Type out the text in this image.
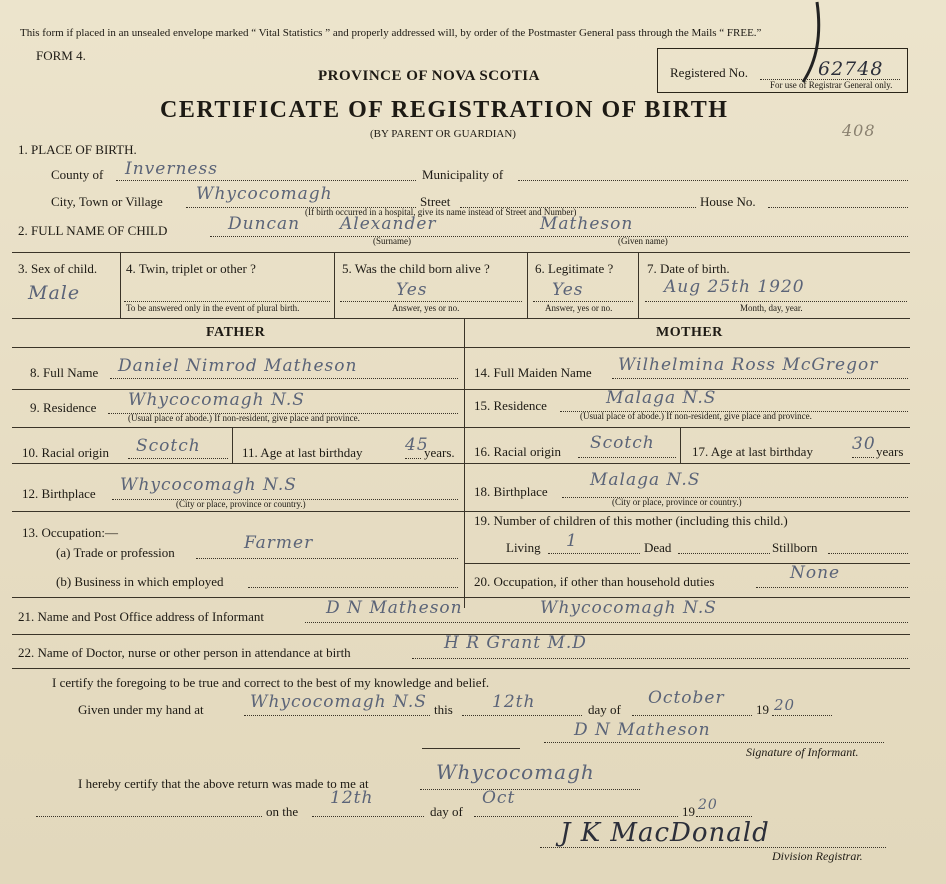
This form if placed in an unsealed envelope marked “ Vital Statistics ” and properly addressed will, by order of the Postmaster General pass through the Mails “ FREE.”
FORM 4.
PROVINCE OF NOVA SCOTIA
CERTIFICATE OF REGISTRATION OF BIRTH
(BY PARENT OR GUARDIAN)
Registered No.	62748
For use of Registrar General only.
408
1. PLACE OF BIRTH.
County of Inverness	Municipality of
City, Town or Village Whycocomagh	Street	House No.
(If birth occurred in a hospital, give its name instead of Street and Number)
2. FULL NAME OF CHILD	Duncan Alexander	Matheson
(Surname)	(Given name)
3. Sex of child.
Male
4. Twin, triplet or other ?
To be answered only in the event of plural birth.
5. Was the child born alive ?
Yes
Answer, yes or no.
6. Legitimate ?
Yes
Answer, yes or no.
7. Date of birth.
Aug 25th 1920
Month, day, year.
FATHER	MOTHER
8. Full Name Daniel Nimrod Matheson
9. Residence Whycocomagh N.S
(Usual place of abode.) If non-resident, give place and province.
10. Racial origin Scotch	11. Age at last birthday	45
years.
12. Birthplace Whycocomagh N.S
(City or place, province or country.)
13. Occupation:—
(a) Trade or profession	Farmer
(b) Business in which employed
14. Full Maiden Name Wilhelmina Ross McGregor
15. Residence	Malaga N.S
(Usual place of abode.) If non-resident, give place and province.
16. Racial origin Scotch	17. Age at last birthday 30 years
18. Birthplace
Malaga N.S
(City or place, province or country.)
19. Number of children of this mother (including this child.)
Living 1	Dead	Stillborn
20. Occupation, if other than household duties	None
21. Name and Post Office address of Informant	D N Matheson	Whycocomagh N.S
22. Name of Doctor, nurse or other person in attendance at birth	H R Grant M.D
I certify the foregoing to be true and correct to the best of my knowledge and belief.
Given under my hand at	Whycocomagh N.S this 12th	day of
October
19 20
D N Matheson
Signature of Informant.
I hereby certify that the above return was made to me at	Whycocomagh
on the
12th
day of
Oct
19 20
J K MacDonald
Division Registrar.
